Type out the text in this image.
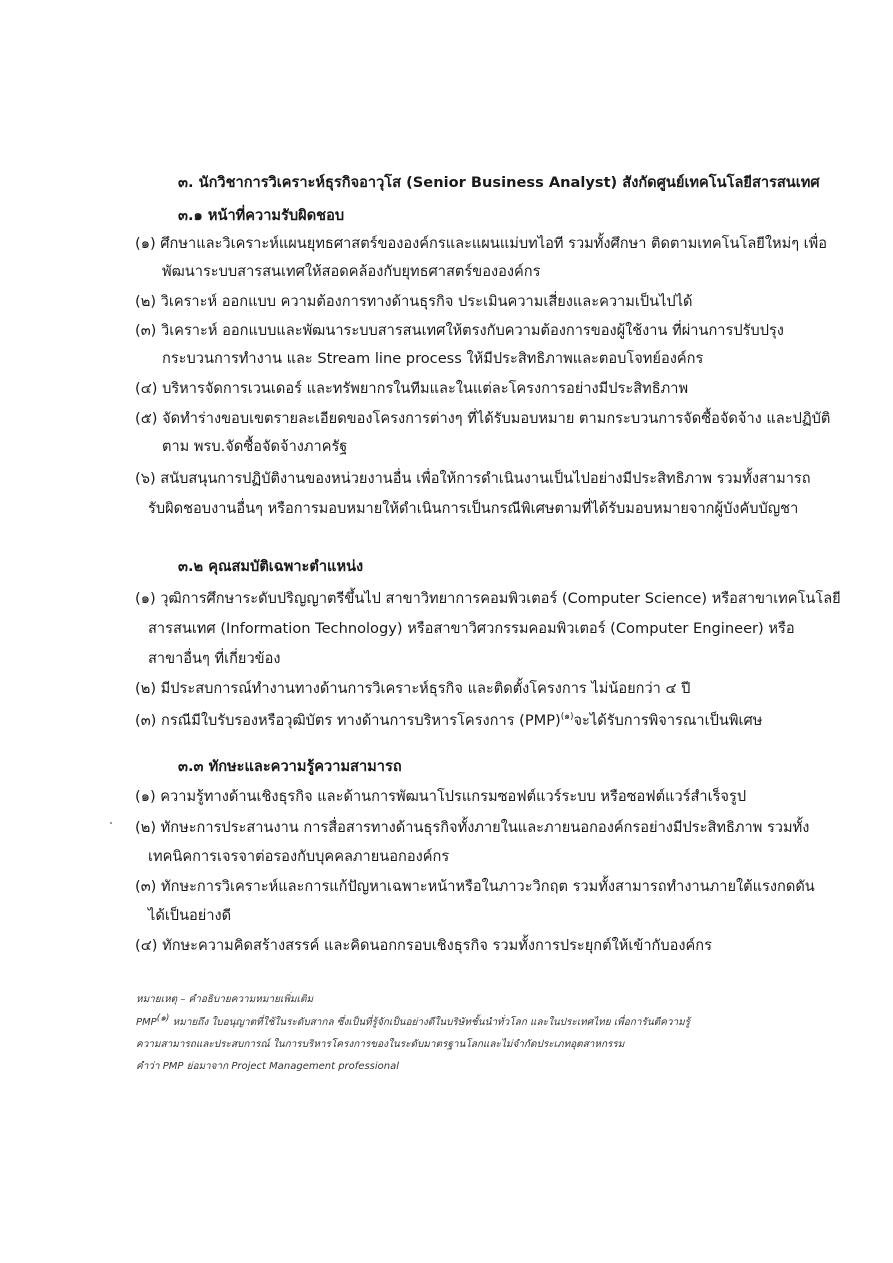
๓. นักวิชาการวิเคราะห์ธุรกิจอาวุโส (Senior Business Analyst) สังกัดศูนย์เทคโนโลยีสารสนเทศ
๓.๑ หน้าที่ความรับผิดชอบ
(๑) ศึกษาและวิเคราะห์แผนยุทธศาสตร์ขององค์กรและแผนแม่บทไอที รวมทั้งศึกษา ติดตามเทคโนโลยีใหม่ๆ เพื่อ
พัฒนาระบบสารสนเทศให้สอดคล้องกับยุทธศาสตร์ขององค์กร
(๒) วิเคราะห์ ออกแบบ ความต้องการทางด้านธุรกิจ ประเมินความเสี่ยงและความเป็นไปได้
(๓) วิเคราะห์ ออกแบบและพัฒนาระบบสารสนเทศให้ตรงกับความต้องการของผู้ใช้งาน ที่ผ่านการปรับปรุง
กระบวนการทำงาน และ Stream line process ให้มีประสิทธิภาพและตอบโจทย์องค์กร
(๔) บริหารจัดการเวนเดอร์ และทรัพยากรในทีมและในแต่ละโครงการอย่างมีประสิทธิภาพ
(๕) จัดทำร่างขอบเขตรายละเอียดของโครงการต่างๆ ที่ได้รับมอบหมาย ตามกระบวนการจัดซื้อจัดจ้าง และปฏิบัติ
ตาม พรบ.จัดซื้อจัดจ้างภาครัฐ
(๖) สนับสนุนการปฏิบัติงานของหน่วยงานอื่น เพื่อให้การดำเนินงานเป็นไปอย่างมีประสิทธิภาพ รวมทั้งสามารถ
รับผิดชอบงานอื่นๆ หรือการมอบหมายให้ดำเนินการเป็นกรณีพิเศษตามที่ได้รับมอบหมายจากผู้บังคับบัญชา
๓.๒ คุณสมบัติเฉพาะตำแหน่ง
(๑) วุฒิการศึกษาระดับปริญญาตรีขึ้นไป สาขาวิทยาการคอมพิวเตอร์ (Computer Science) หรือสาขาเทคโนโลยี
สารสนเทศ (Information Technology) หรือสาขาวิศวกรรมคอมพิวเตอร์ (Computer Engineer) หรือ
สาขาอื่นๆ ที่เกี่ยวข้อง
(๒) มีประสบการณ์ทำงานทางด้านการวิเคราะห์ธุรกิจ และติดตั้งโครงการ ไม่น้อยกว่า ๔ ปี
(๓) กรณีมีใบรับรองหรือวุฒิบัตร ทางด้านการบริหารโครงการ (PMP)$^{(๑)}$จะได้รับการพิจารณาเป็นพิเศษ
๓.๓ ทักษะและความรู้ความสามารถ
(๑) ความรู้ทางด้านเชิงธุรกิจ และด้านการพัฒนาโปรแกรมซอฟต์แวร์ระบบ หรือซอฟต์แวร์สำเร็จรูป
(๒) ทักษะการประสานงาน การสื่อสารทางด้านธุรกิจทั้งภายในและภายนอกองค์กรอย่างมีประสิทธิภาพ รวมทั้ง
เทคนิคการเจรจาต่อรองกับบุคคลภายนอกองค์กร
(๓) ทักษะการวิเคราะห์และการแก้ปัญหาเฉพาะหน้าหรือในภาวะวิกฤต รวมทั้งสามารถทำงานภายใต้แรงกดดัน
ได้เป็นอย่างดี
(๔) ทักษะความคิดสร้างสรรค์ และคิดนอกกรอบเชิงธุรกิจ รวมทั้งการประยุกต์ให้เข้ากับองค์กร
หมายเหตุ – คำอธิบายความหมายเพิ่มเติม
PMP$^{(๑)}$ หมายถึง ใบอนุญาตที่ใช้ในระดับสากล ซึ่งเป็นที่รู้จักเป็นอย่างดีในบริษัทชั้นนำทั่วโลก และในประเทศไทย เพื่อการันตีความรู้
ความสามารถและประสบการณ์ ในการบริหารโครงการของในระดับมาตรฐานโลกและไม่จำกัดประเภทอุตสาหกรรม
คำว่า PMP ย่อมาจาก Project Management professional
